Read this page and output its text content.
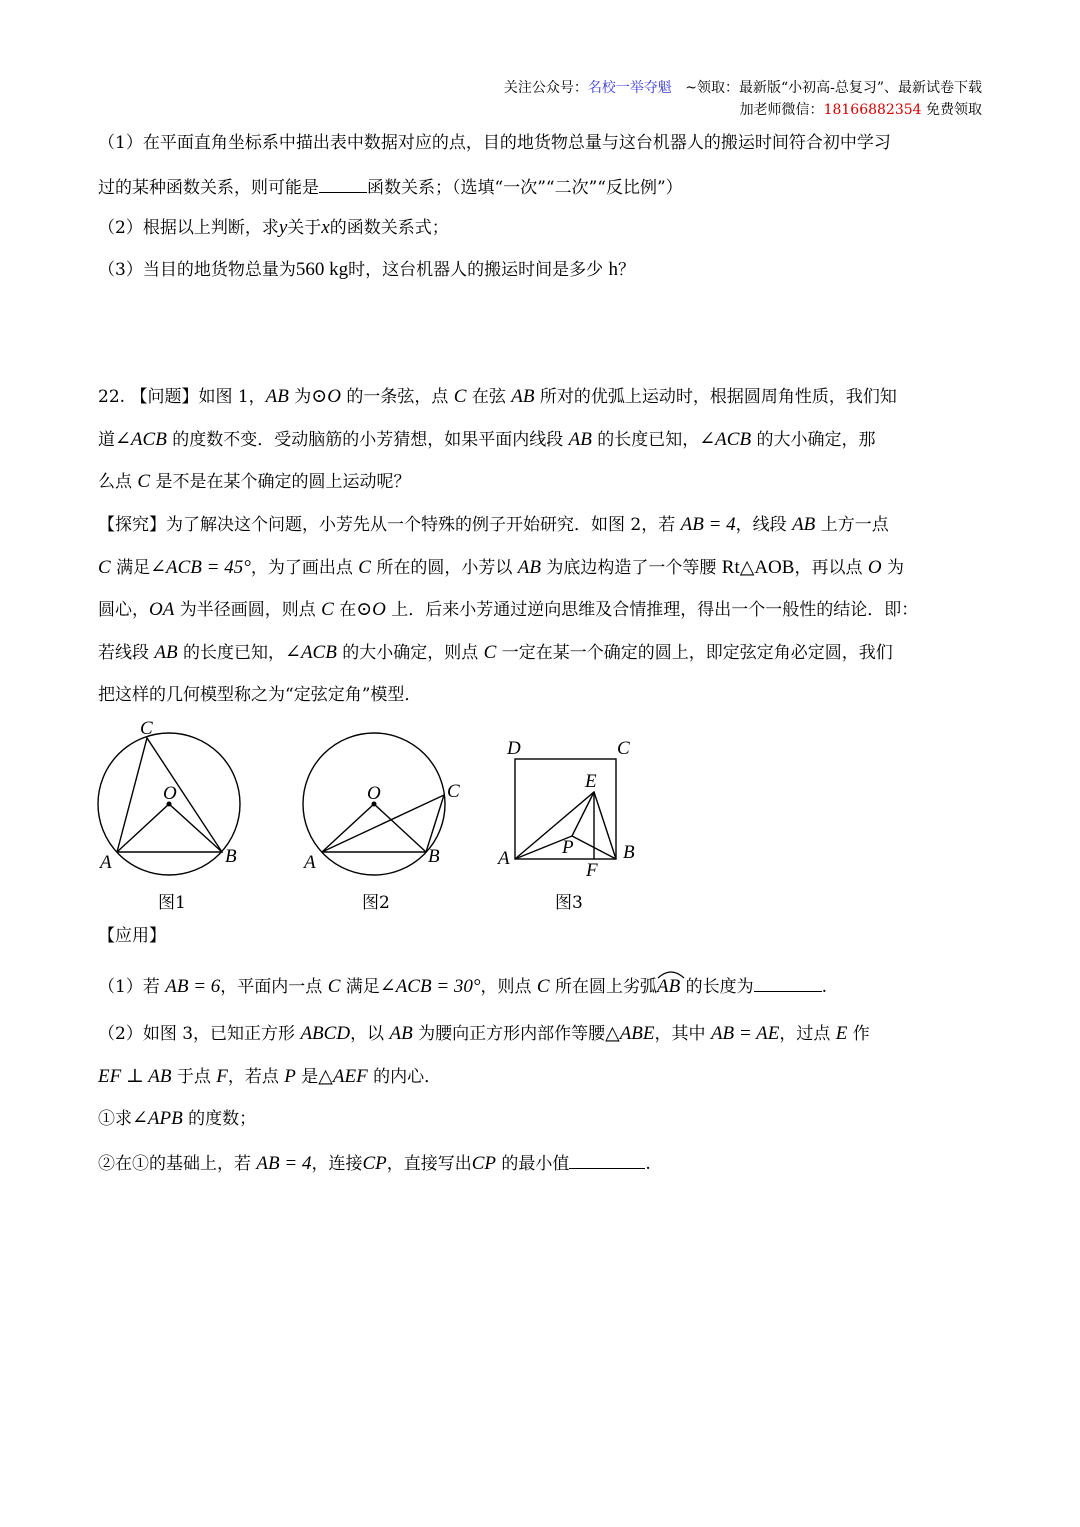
关注公众号：名校一举夺魁 ~领取：最新版“小初高-总复习”、最新试卷下载
加老师微信：18166882354 免费领取
（1）在平面直角坐标系中描出表中数据对应的点，目的地货物总量与这台机器人的搬运时间符合初中学习
过的某种函数关系，则可能是	函数关系；（选填“一次”“二次”“反比例”）
（2）根据以上判断，求y关于x的函数关系式；
（3）当目的地货物总量为560 kg时，这台机器人的搬运时间是多少 h？
22. 【问题】如图 1，AB 为⊙O 的一条弦，点 C 在弦 AB 所对的优弧上运动时，根据圆周角性质，我们知
道∠ACB 的度数不变．受动脑筋的小芳猜想，如果平面内线段 AB 的长度已知，∠ACB 的大小确定，那
么点 C 是不是在某个确定的圆上运动呢？
【探究】为了解决这个问题，小芳先从一个特殊的例子开始研究．如图 2，若 AB = 4，线段 AB 上方一点
C 满足∠ACB = 45°，为了画出点 C 所在的圆，小芳以 AB 为底边构造了一个等腰 Rt△AOB，再以点 O 为
圆心，OA 为半径画圆，则点 C 在⊙O 上．后来小芳通过逆向思维及合情推理，得出一个一般性的结论．即：
若线段 AB 的长度已知，∠ACB 的大小确定，则点 C 一定在某一个确定的圆上，即定弦定角必定圆，我们
把这样的几何模型称之为“定弦定角”模型．
C
O
A	B
O	C
A	B
D	C
E
P
A	B
F
图1	图2	图3
【应用】
（1）若 AB = 6，平面内一点 C 满足∠ACB = 30°，则点 C 所在圆上劣弧
AB 的长度为	.
（2）如图 3，已知正方形 ABCD，以 AB 为腰向正方形内部作等腰△ABE，其中 AB = AE，过点 E 作
EF ⊥ AB 于点 F，若点 P 是△AEF 的内心．
①求∠APB 的度数；
②在①的基础上，若 AB = 4，连接CP，直接写出CP 的最小值	.
